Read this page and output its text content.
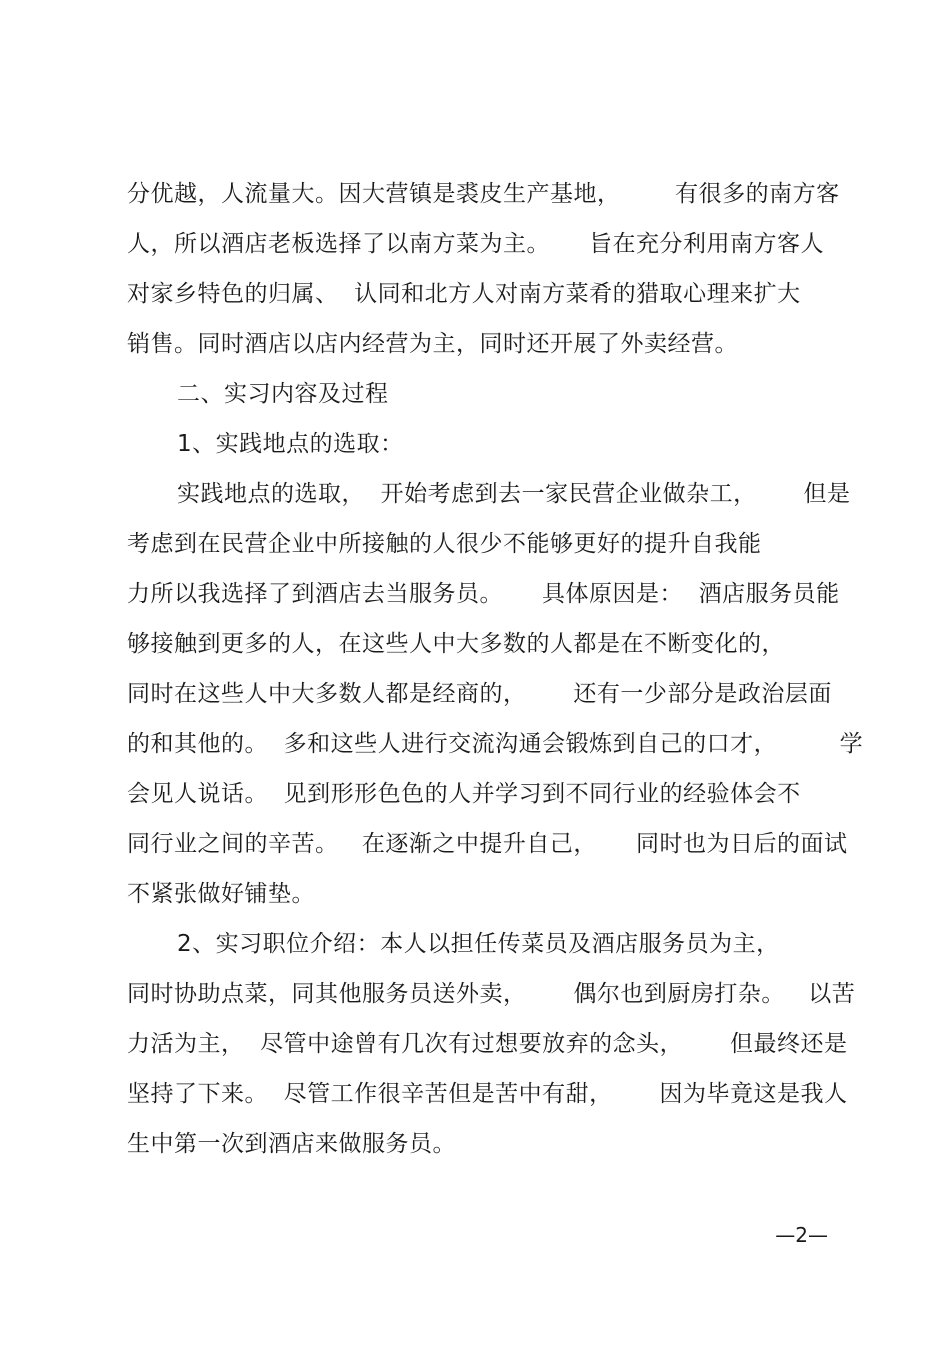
分优越，人流量大。因大营镇是裘皮生产基地，       有很多的南方客
人，所以酒店老板选择了以南方菜为主。     旨在充分利用南方客人
对家乡特色的归属、  认同和北方人对南方菜肴的猎取心理来扩大
销售。同时酒店以店内经营为主，同时还开展了外卖经营。
二、实习内容及过程
1、实践地点的选取：
实践地点的选取，  开始考虑到去一家民营企业做杂工，      但是
考虑到在民营企业中所接触的人很少不能够更好的提升自我能
力所以我选择了到酒店去当服务员。     具体原因是：  酒店服务员能
够接触到更多的人，在这些人中大多数的人都是在不断变化的，
同时在这些人中大多数人都是经商的，      还有一少部分是政治层面
的和其他的。  多和这些人进行交流沟通会锻炼到自己的口才，        学
会见人说话。  见到形形色色的人并学习到不同行业的经验体会不
同行业之间的辛苦。   在逐渐之中提升自己，     同时也为日后的面试
不紧张做好铺垫。
2、实习职位介绍：本人以担任传菜员及酒店服务员为主，
同时协助点菜，同其他服务员送外卖，      偶尔也到厨房打杂。   以苦
力活为主，  尽管中途曾有几次有过想要放弃的念头，      但最终还是
坚持了下来。  尽管工作很辛苦但是苦中有甜，      因为毕竟这是我人
生中第一次到酒店来做服务员。
—2—
